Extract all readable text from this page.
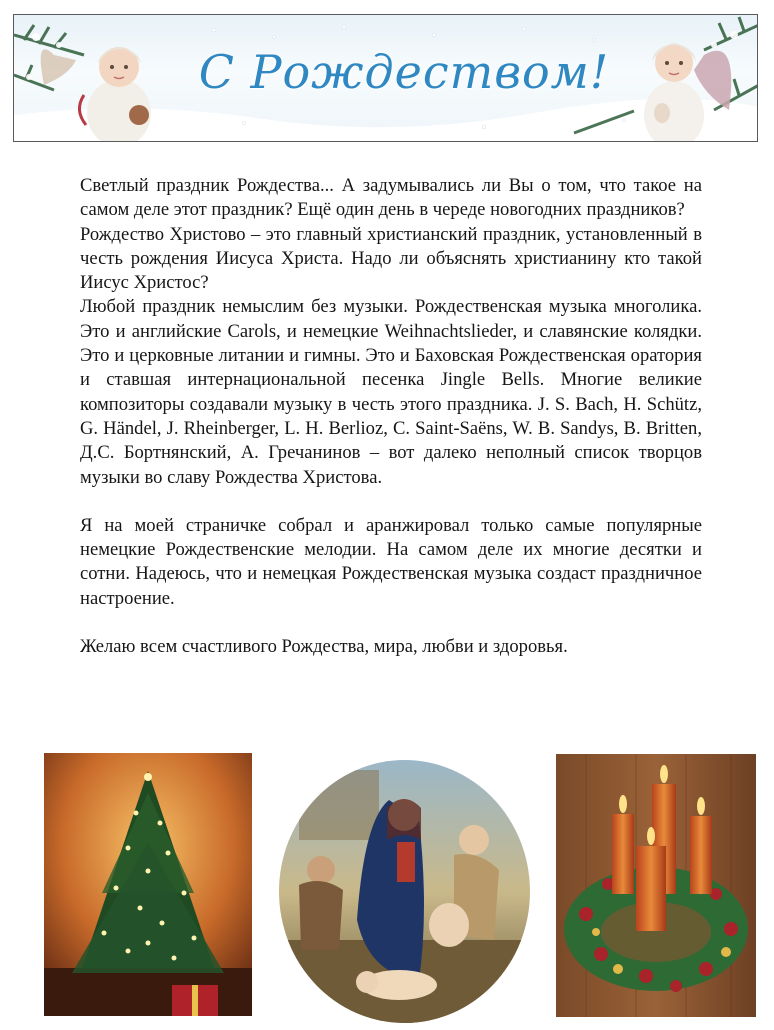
С Рождеством!

Светлый праздник Рождества... А задумывались ли Вы о том, что такое на самом деле этот праздник? Ещё один день в череде новогодних праздников?

Рождество Христово – это главный христианский праздник, установленный в честь рождения Иисуса Христа. Надо ли объяснять христианину кто такой Иисус Христос?

Любой праздник немыслим без музыки. Рождественская музыка многолика. Это и английские Carols, и немецкие Weihnachtslieder, и славянские колядки. Это и церковные литании и гимны. Это и Баховская Рождественская оратория и ставшая интернациональной песенка Jingle Bells. Многие великие композиторы создавали музыку в честь этого праздника. J. S. Bach, H. Schütz, G. Händel, J. Rheinberger, L. H. Berlioz, C. Saint-Saëns, W. B. Sandys, B. Britten, Д.С. Бортнянский, А. Гречанинов – вот далеко неполный список творцов музыки во славу Рождества Христова.

Я на моей страничке собрал и аранжировал только самые популярные немецкие Рождественские мелодии. На самом деле их многие десятки и сотни. Надеюсь, что и немецкая Рождественская музыка создаст праздничное настроение.

Желаю всем счастливого Рождества, мира, любви и здоровья.
